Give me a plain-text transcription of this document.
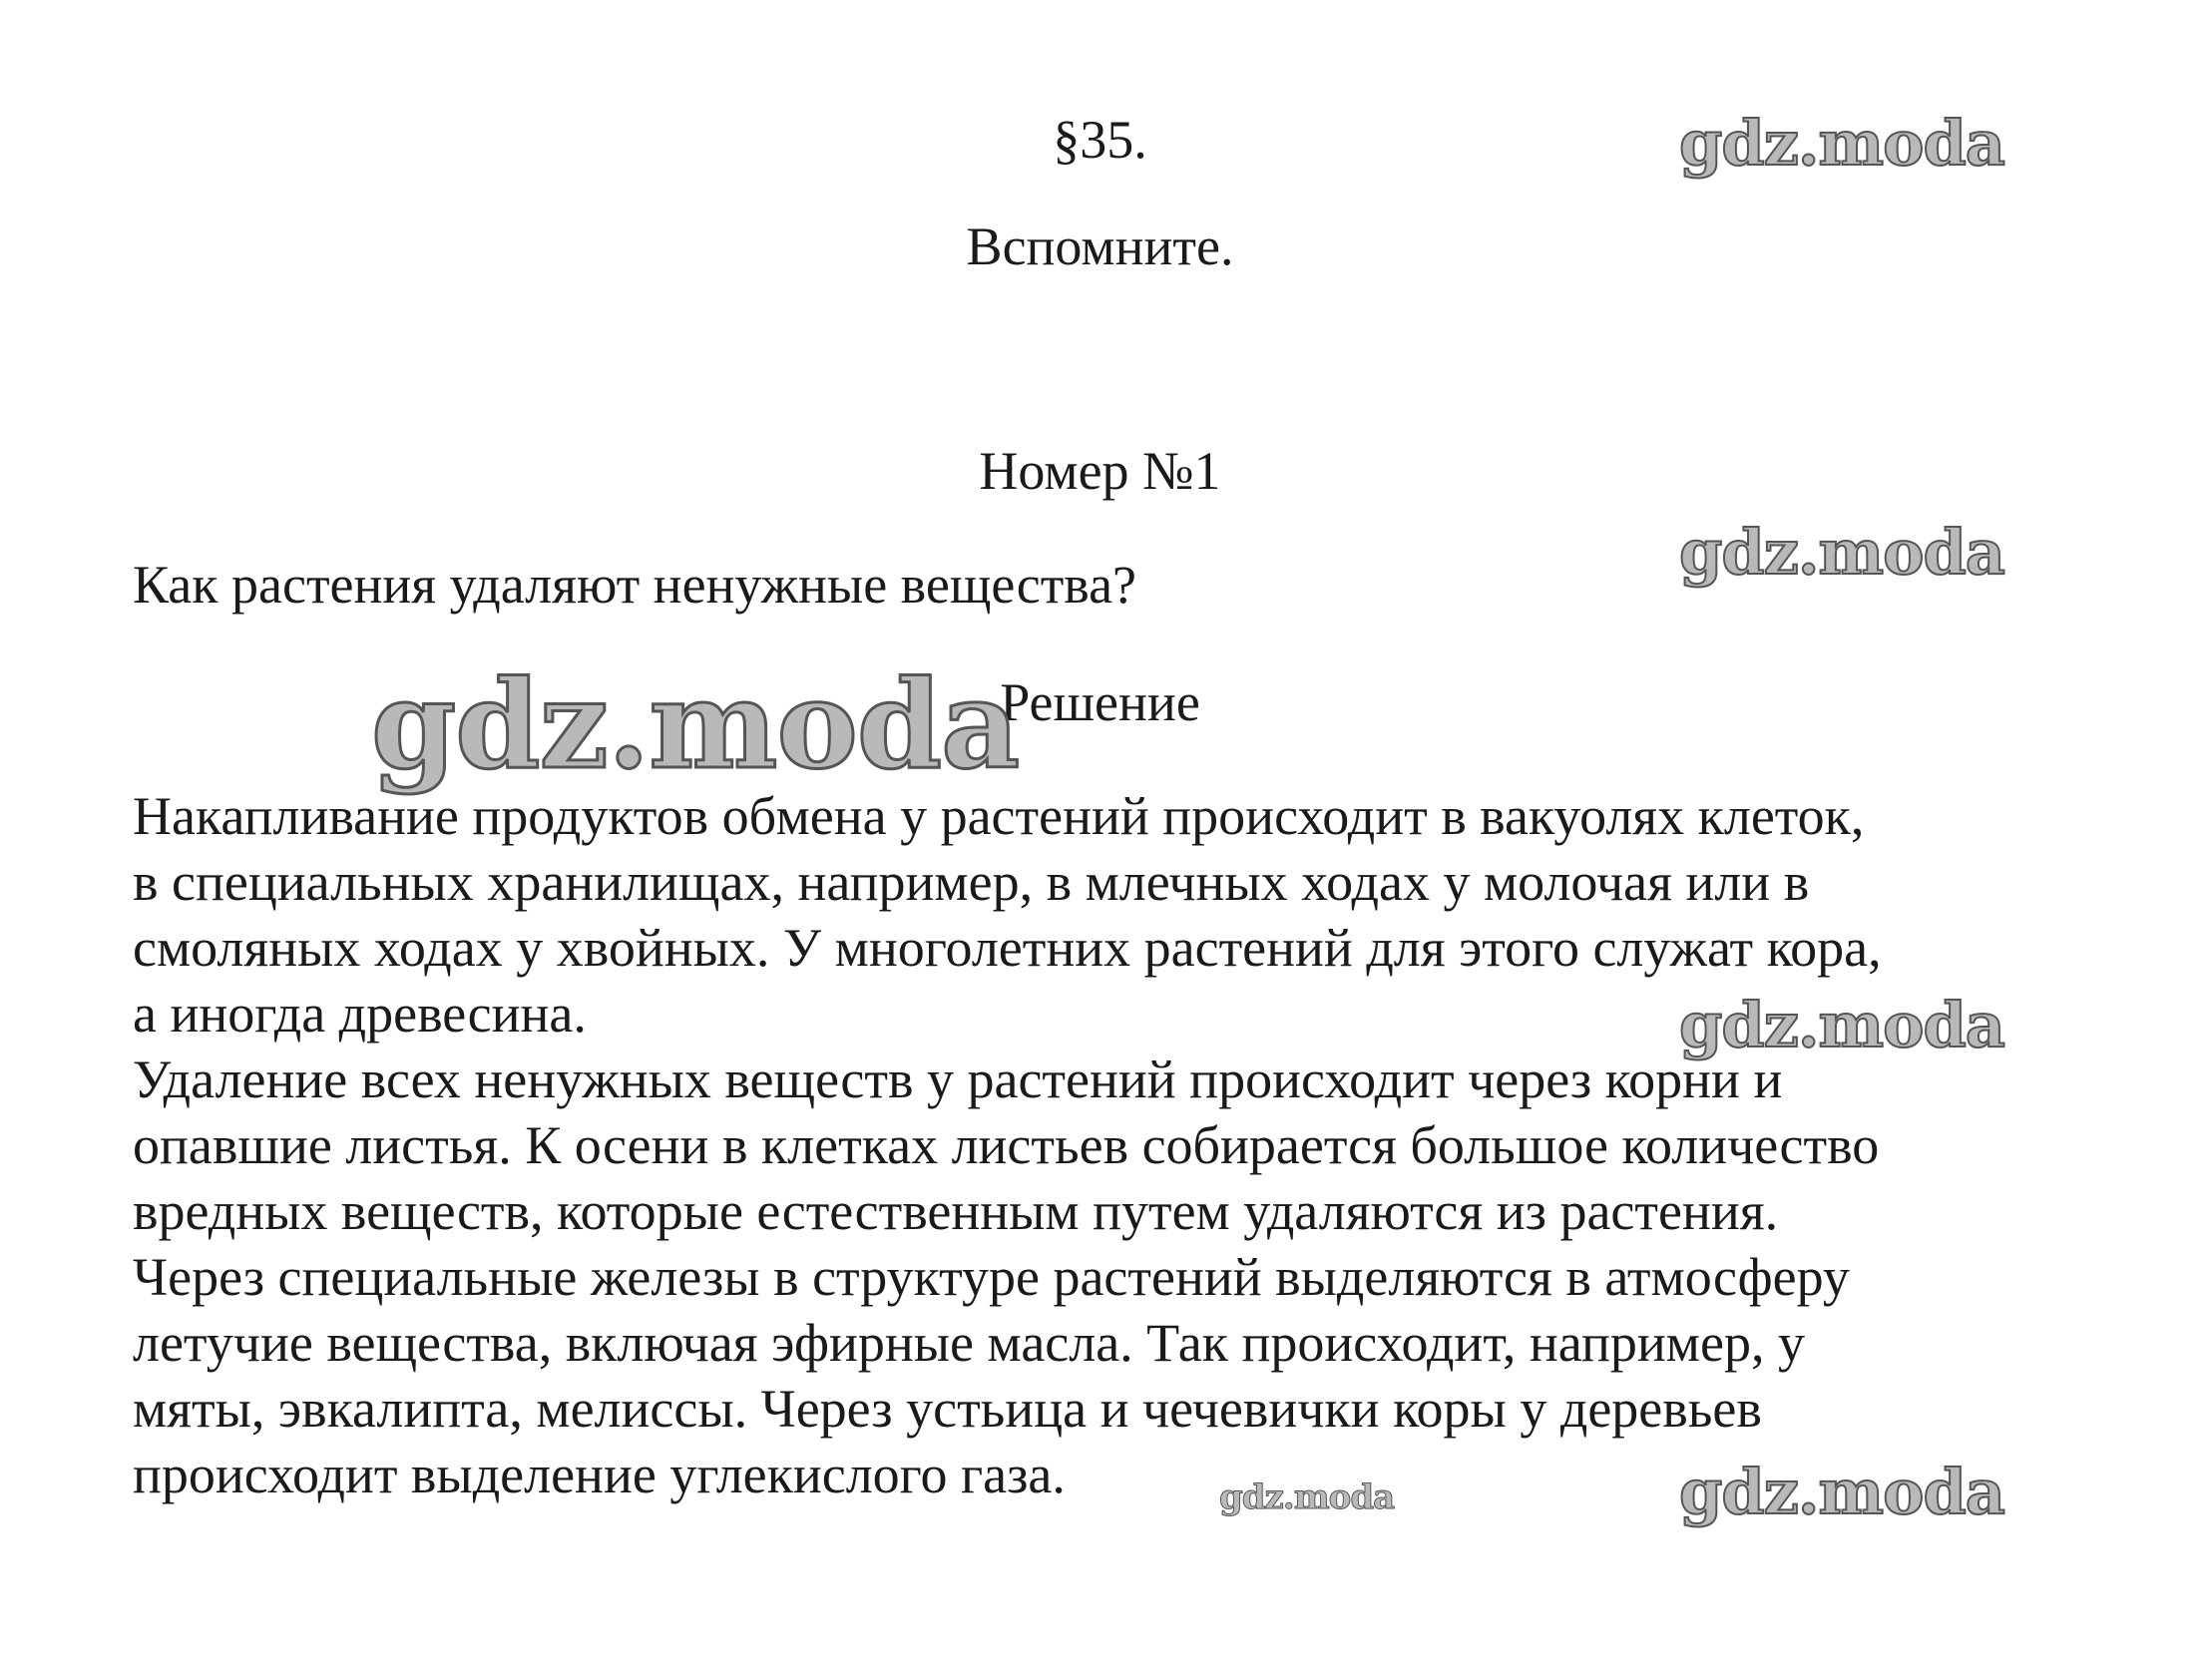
§35.
Вспомните.
Номер №1
Как растения удаляют ненужные вещества?
Решение
Накапливание продуктов обмена у растений происходит в вакуолях клеток,
в специальных хранилищах, например, в млечных ходах у молочая или в
смоляных ходах у хвойных. У многолетних растений для этого служат кора,
а иногда древесина.
Удаление всех ненужных веществ у растений происходит через корни и
опавшие листья. К осени в клетках листьев собирается большое количество
вредных веществ, которые естественным путем удаляются из растения.
Через специальные железы в структуре растений выделяются в атмосферу
летучие вещества, включая эфирные масла. Так происходит, например, у
мяты, эвкалипта, мелиссы. Через устьица и чечевички коры у деревьев
происходит выделение углекислого газа.
gdz.moda
gdz.moda
gdz.moda
gdz.moda
gdz.moda
gdz.moda
